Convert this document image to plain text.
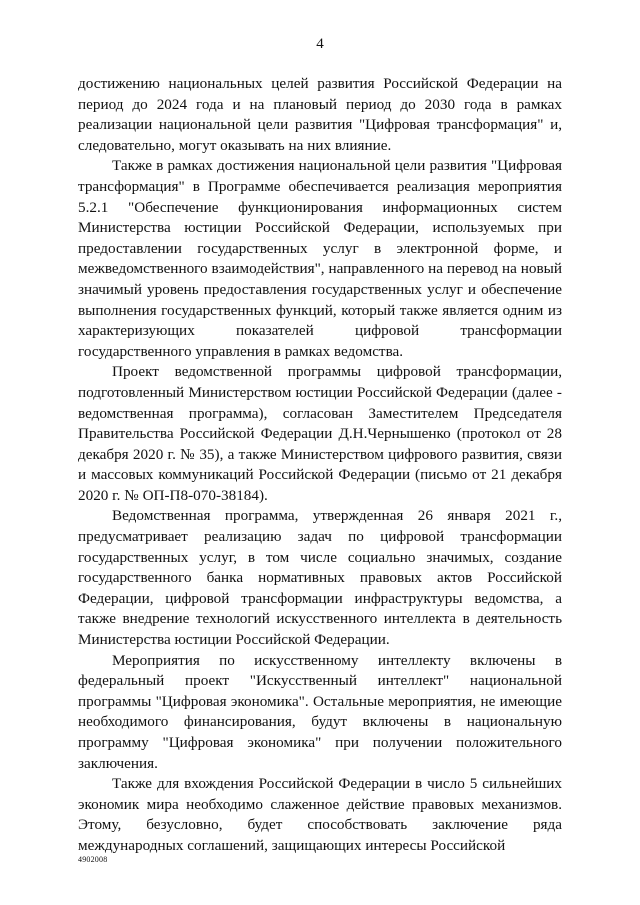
4

достижению национальных целей развития Российской Федерации на период до 2024 года и на плановый период до 2030 года в рамках реализации национальной цели развития "Цифровая трансформация" и, следовательно, могут оказывать на них влияние.

Также в рамках достижения национальной цели развития "Цифровая трансформация" в Программе обеспечивается реализация мероприятия 5.2.1 "Обеспечение функционирования информационных систем Министерства юстиции Российской Федерации, используемых при предоставлении государственных услуг в электронной форме, и межведомственного взаимодействия", направленного на перевод на новый значимый уровень предоставления государственных услуг и обеспечение выполнения государственных функций, который также является одним из характеризующих показателей цифровой трансформации государственного управления в рамках ведомства.

Проект ведомственной программы цифровой трансформации, подготовленный Министерством юстиции Российской Федерации (далее - ведомственная программа), согласован Заместителем Председателя Правительства Российской Федерации Д.Н.Чернышенко (протокол от 28 декабря 2020 г. № 35), а также Министерством цифрового развития, связи и массовых коммуникаций Российской Федерации (письмо от 21 декабря 2020 г. № ОП-П8-070-38184).

Ведомственная программа, утвержденная 26 января 2021 г., предусматривает реализацию задач по цифровой трансформации государственных услуг, в том числе социально значимых, создание государственного банка нормативных правовых актов Российской Федерации, цифровой трансформации инфраструктуры ведомства, а также внедрение технологий искусственного интеллекта в деятельность Министерства юстиции Российской Федерации.

Мероприятия по искусственному интеллекту включены в федеральный проект "Искусственный интеллект" национальной программы "Цифровая экономика". Остальные мероприятия, не имеющие необходимого финансирования, будут включены в национальную программу "Цифровая экономика" при получении положительного заключения.

Также для вхождения Российской Федерации в число 5 сильнейших экономик мира необходимо слаженное действие правовых механизмов. Этому, безусловно, будет способствовать заключение ряда международных соглашений, защищающих интересы Российской

4902008
